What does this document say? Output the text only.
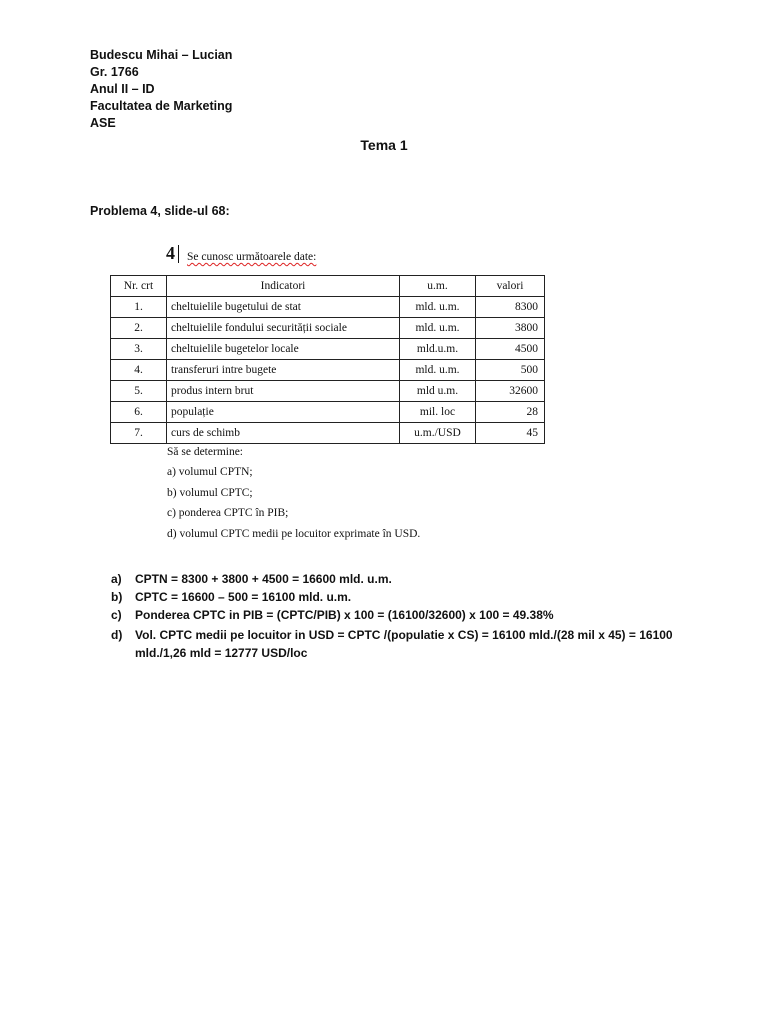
Budescu Mihai – Lucian
Gr. 1766
Anul II – ID
Facultatea de Marketing
ASE
Tema 1
Problema 4, slide-ul 68:
4 Se cunosc următoarele date:
Nr. crt	Indicatori	u.m.	valori
1.	cheltuielile bugetului de stat	mld. u.m.	8300
2.	cheltuielile fondului securității sociale	mld. u.m.	3800
3.	cheltuielile bugetelor locale	mld.u.m.	4500
4.	transferuri intre bugete	mld. u.m.	500
5.	produs intern brut	mld u.m.	32600
6.	populație	mil. loc	28
7.	curs de schimb	u.m./USD	45
Să se determine:
a) volumul CPTN;
b) volumul CPTC;
c) ponderea CPTC în PIB;
d) volumul CPTC medii pe locuitor exprimate în USD.
a) CPTN = 8300 + 3800 + 4500 = 16600 mld. u.m.
b) CPTC = 16600 – 500 = 16100 mld. u.m.
c) Ponderea CPTC in PIB = (CPTC/PIB) x 100 = (16100/32600) x 100 = 49.38%
d) Vol. CPTC medii pe locuitor in USD = CPTC /(populatie x CS) = 16100 mld./(28 mil x 45) = 16100 mld./1,26 mld = 12777 USD/loc
